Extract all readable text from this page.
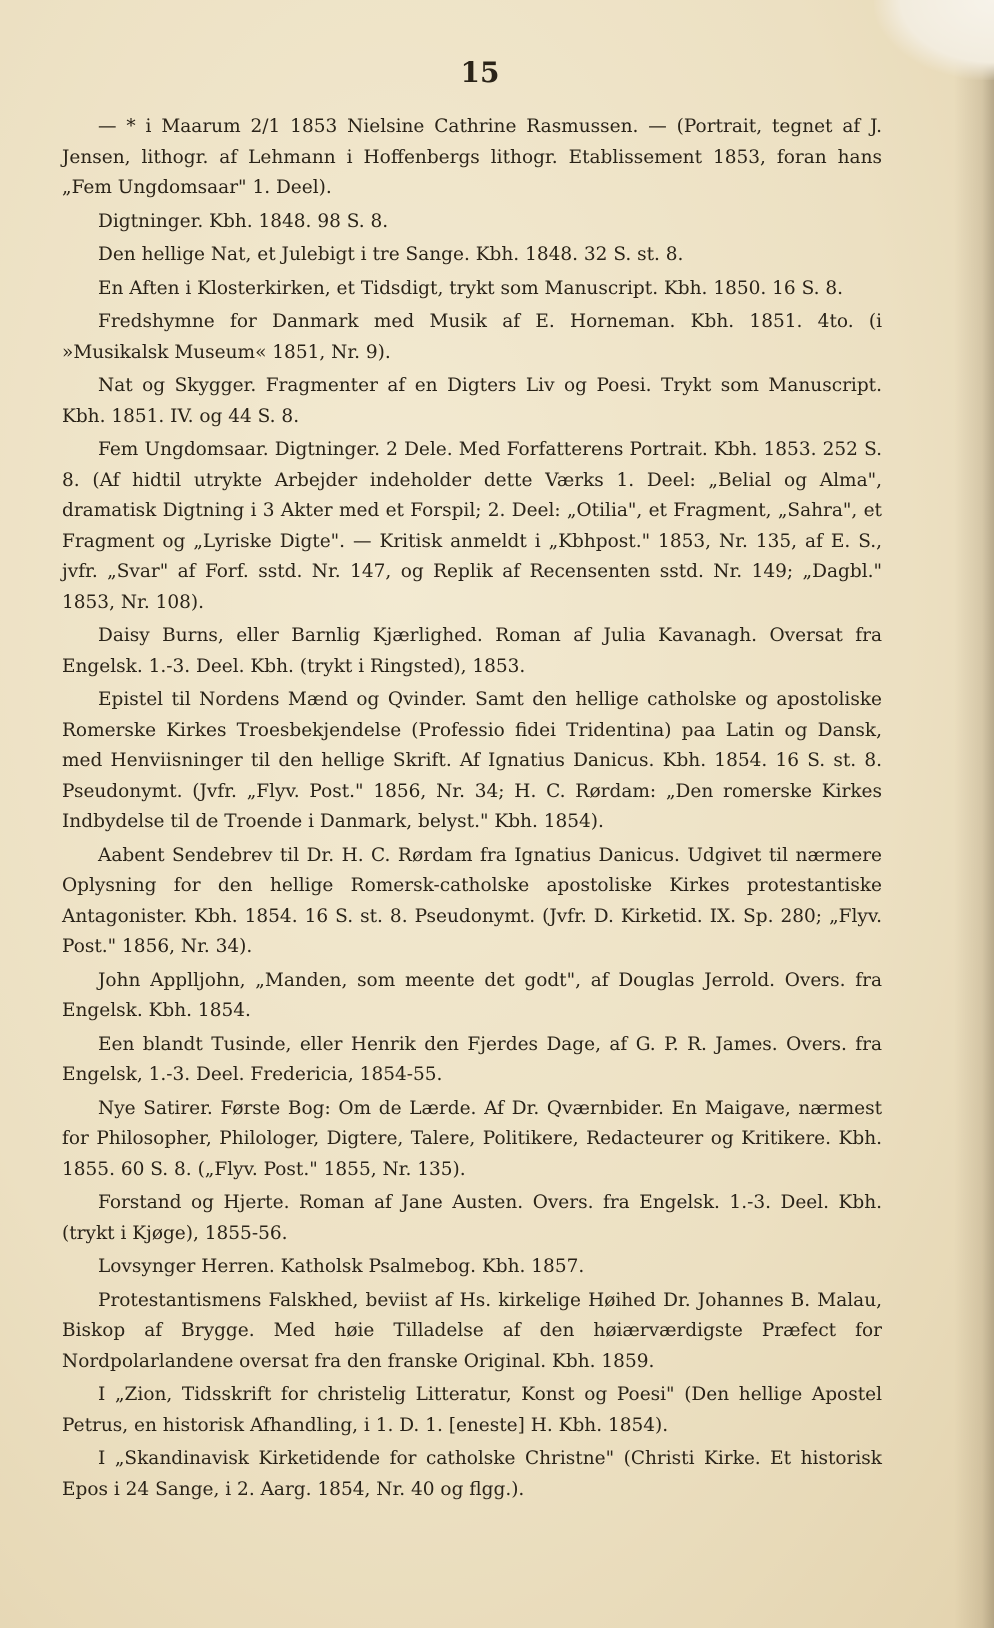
15

— * i Maarum 2/1 1853 Nielsine Cathrine Rasmussen. — (Portrait, tegnet af J. Jensen, lithogr. af Lehmann i Hoffenbergs lithogr. Etablissement 1853, foran hans „Fem Ungdomsaar" 1. Deel).

Digtninger. Kbh. 1848. 98 S. 8.

Den hellige Nat, et Julebigt i tre Sange. Kbh. 1848. 32 S. st. 8.

En Aften i Klosterkirken, et Tidsdigt, trykt som Manuscript. Kbh. 1850. 16 S. 8.

Fredshymne for Danmark med Musik af E. Horneman. Kbh. 1851. 4to. (i »Musikalsk Museum« 1851, Nr. 9).

Nat og Skygger. Fragmenter af en Digters Liv og Poesi. Trykt som Manuscript. Kbh. 1851. IV. og 44 S. 8.

Fem Ungdomsaar. Digtninger. 2 Dele. Med Forfatterens Portrait. Kbh. 1853. 252 S. 8. (Af hidtil utrykte Arbejder indeholder dette Værks 1. Deel: „Belial og Alma", dramatisk Digtning i 3 Akter med et Forspil; 2. Deel: „Otilia", et Fragment, „Sahra", et Fragment og „Lyriske Digte". — Kritisk anmeldt i „Kbhpost." 1853, Nr. 135, af E. S., jvfr. „Svar" af Forf. sstd. Nr. 147, og Replik af Recensenten sstd. Nr. 149; „Dagbl." 1853, Nr. 108).

Daisy Burns, eller Barnlig Kjærlighed. Roman af Julia Kavanagh. Oversat fra Engelsk. 1.-3. Deel. Kbh. (trykt i Ringsted), 1853.

Epistel til Nordens Mænd og Qvinder. Samt den hellige catholske og apostoliske Romerske Kirkes Troesbekjendelse (Professio fidei Tridentina) paa Latin og Dansk, med Henviisninger til den hellige Skrift. Af Ignatius Danicus. Kbh. 1854. 16 S. st. 8. Pseudonymt. (Jvfr. „Flyv. Post." 1856, Nr. 34; H. C. Rørdam: „Den romerske Kirkes Indbydelse til de Troende i Danmark, belyst." Kbh. 1854).

Aabent Sendebrev til Dr. H. C. Rørdam fra Ignatius Danicus. Udgivet til nærmere Oplysning for den hellige Romersk-catholske apostoliske Kirkes protestantiske Antagonister. Kbh. 1854. 16 S. st. 8. Pseudonymt. (Jvfr. D. Kirketid. IX. Sp. 280; „Flyv. Post." 1856, Nr. 34).

John Applljohn, „Manden, som meente det godt", af Douglas Jerrold. Overs. fra Engelsk. Kbh. 1854.

Een blandt Tusinde, eller Henrik den Fjerdes Dage, af G. P. R. James. Overs. fra Engelsk, 1.-3. Deel. Fredericia, 1854-55.

Nye Satirer. Første Bog: Om de Lærde. Af Dr. Qværnbider. En Maigave, nærmest for Philosopher, Philologer, Digtere, Talere, Politikere, Redacteurer og Kritikere. Kbh. 1855. 60 S. 8. („Flyv. Post." 1855, Nr. 135).

Forstand og Hjerte. Roman af Jane Austen. Overs. fra Engelsk. 1.-3. Deel. Kbh. (trykt i Kjøge), 1855-56.

Lovsynger Herren. Katholsk Psalmebog. Kbh. 1857.

Protestantismens Falskhed, beviist af Hs. kirkelige Høihed Dr. Johannes B. Malau, Biskop af Brygge. Med høie Tilladelse af den høiærværdigste Præfect for Nordpolarlandene oversat fra den franske Original. Kbh. 1859.

I „Zion, Tidsskrift for christelig Litteratur, Konst og Poesi" (Den hellige Apostel Petrus, en historisk Afhandling, i 1. D. 1. [eneste] H. Kbh. 1854).

I „Skandinavisk Kirketidende for catholske Christne" (Christi Kirke. Et historisk Epos i 24 Sange, i 2. Aarg. 1854, Nr. 40 og flgg.).
